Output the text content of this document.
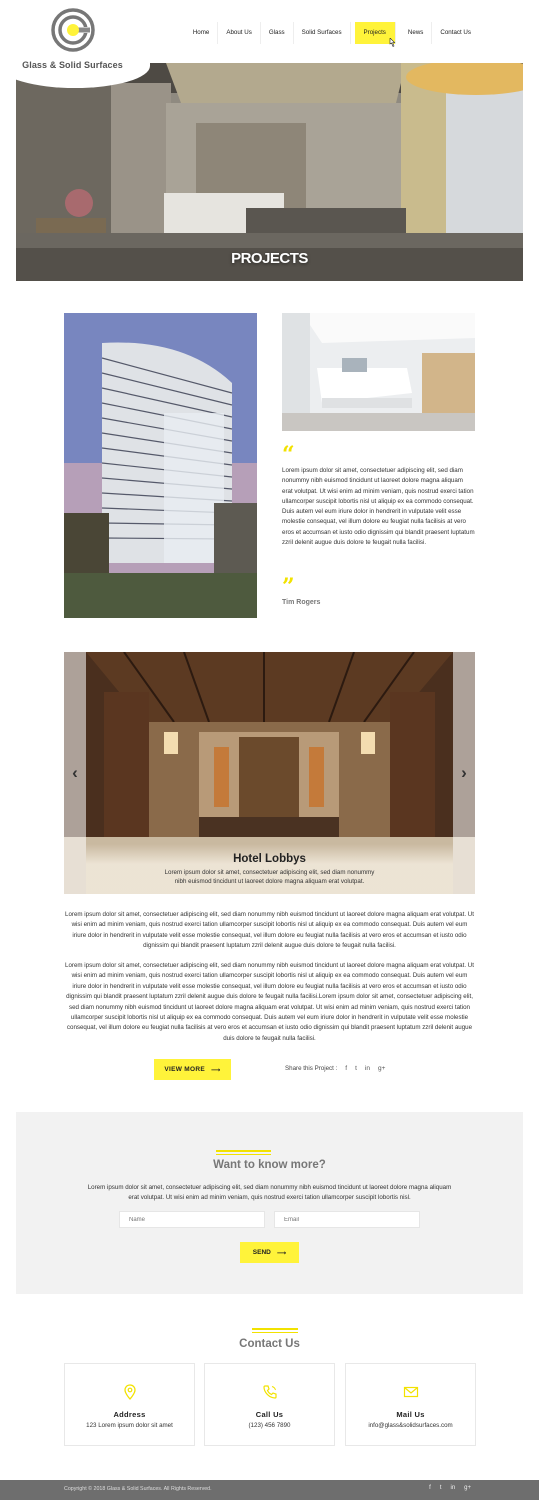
Glass & Solid Surfaces
Home	About Us	Glass	Solid Surfaces	Projects	News	Contact Us
PROJECTS
“

Lorem ipsum dolor sit amet, consectetuer adipiscing elit, sed diam nonummy nibh euismod tincidunt ut laoreet dolore magna aliquam erat volutpat. Ut wisi enim ad minim veniam, quis nostrud exerci tation ullamcorper suscipit lobortis nisl ut aliquip ex ea commodo consequat. Duis autem vel eum iriure dolor in hendrerit in vulputate velit esse molestie consequat, vel illum dolore eu feugiat nulla facilisis at vero eros et accumsan et iusto odio dignissim qui blandit praesent luptatum zzril delenit augue duis dolore te feugait nulla facilisi.

”
Tim Rogers
‹	›
Hotel Lobbys
Lorem ipsum dolor sit amet, consectetuer adipiscing elit, sed diam nonummy nibh euismod tincidunt ut laoreet dolore magna aliquam erat volutpat.

Lorem ipsum dolor sit amet, consectetuer adipiscing elit, sed diam nonummy nibh euismod tincidunt ut laoreet dolore magna aliquam erat volutpat. Ut wisi enim ad minim veniam, quis nostrud exerci tation ullamcorper suscipit lobortis nisl ut aliquip ex ea commodo consequat. Duis autem vel eum iriure dolor in hendrerit in vulputate velit esse molestie consequat, vel illum dolore eu feugiat nulla facilisis at vero eros et accumsan et iusto odio dignissim qui blandit praesent luptatum zzril delenit augue duis dolore te feugait nulla facilisi.

Lorem ipsum dolor sit amet, consectetuer adipiscing elit, sed diam nonummy nibh euismod tincidunt ut laoreet dolore magna aliquam erat volutpat. Ut wisi enim ad minim veniam, quis nostrud exerci tation ullamcorper suscipit lobortis nisl ut aliquip ex ea commodo consequat. Duis autem vel eum iriure dolor in hendrerit in vulputate velit esse molestie consequat, vel illum dolore eu feugiat nulla facilisis at vero eros et accumsan et iusto odio dignissim qui blandit praesent luptatum zzril delenit augue duis dolore te feugait nulla facilisi.Lorem ipsum dolor sit amet, consectetuer adipiscing elit, sed diam nonummy nibh euismod tincidunt ut laoreet dolore magna aliquam erat volutpat. Ut wisi enim ad minim veniam, quis nostrud exerci tation ullamcorper suscipit lobortis nisl ut aliquip ex ea commodo consequat. Duis autem vel eum iriure dolor in hendrerit in vulputate velit esse molestie consequat, vel illum dolore eu feugiat nulla facilisis at vero eros et accumsan et iusto odio dignissim qui blandit praesent luptatum zzril delenit augue duis dolore te feugait nulla facilisi.

VIEW MORE ⟶	Share this Project : f t in g+
Want to know more?

Lorem ipsum dolor sit amet, consectetuer adipiscing elit, sed diam nonummy nibh euismod tincidunt ut laoreet dolore magna aliquam erat volutpat. Ut wisi enim ad minim veniam, quis nostrud exerci tation ullamcorper suscipit lobortis nisl.

Name
Email
SEND ⟶
Contact Us
Address
123 Lorem ipsum dolor sit amet
Call Us
(123) 456 7890
Mail Us
info@glass&solidsurfaces.com
Copyright © 2018 Glass & Solid Surfaces. All Rights Reserved.	f t in g+
